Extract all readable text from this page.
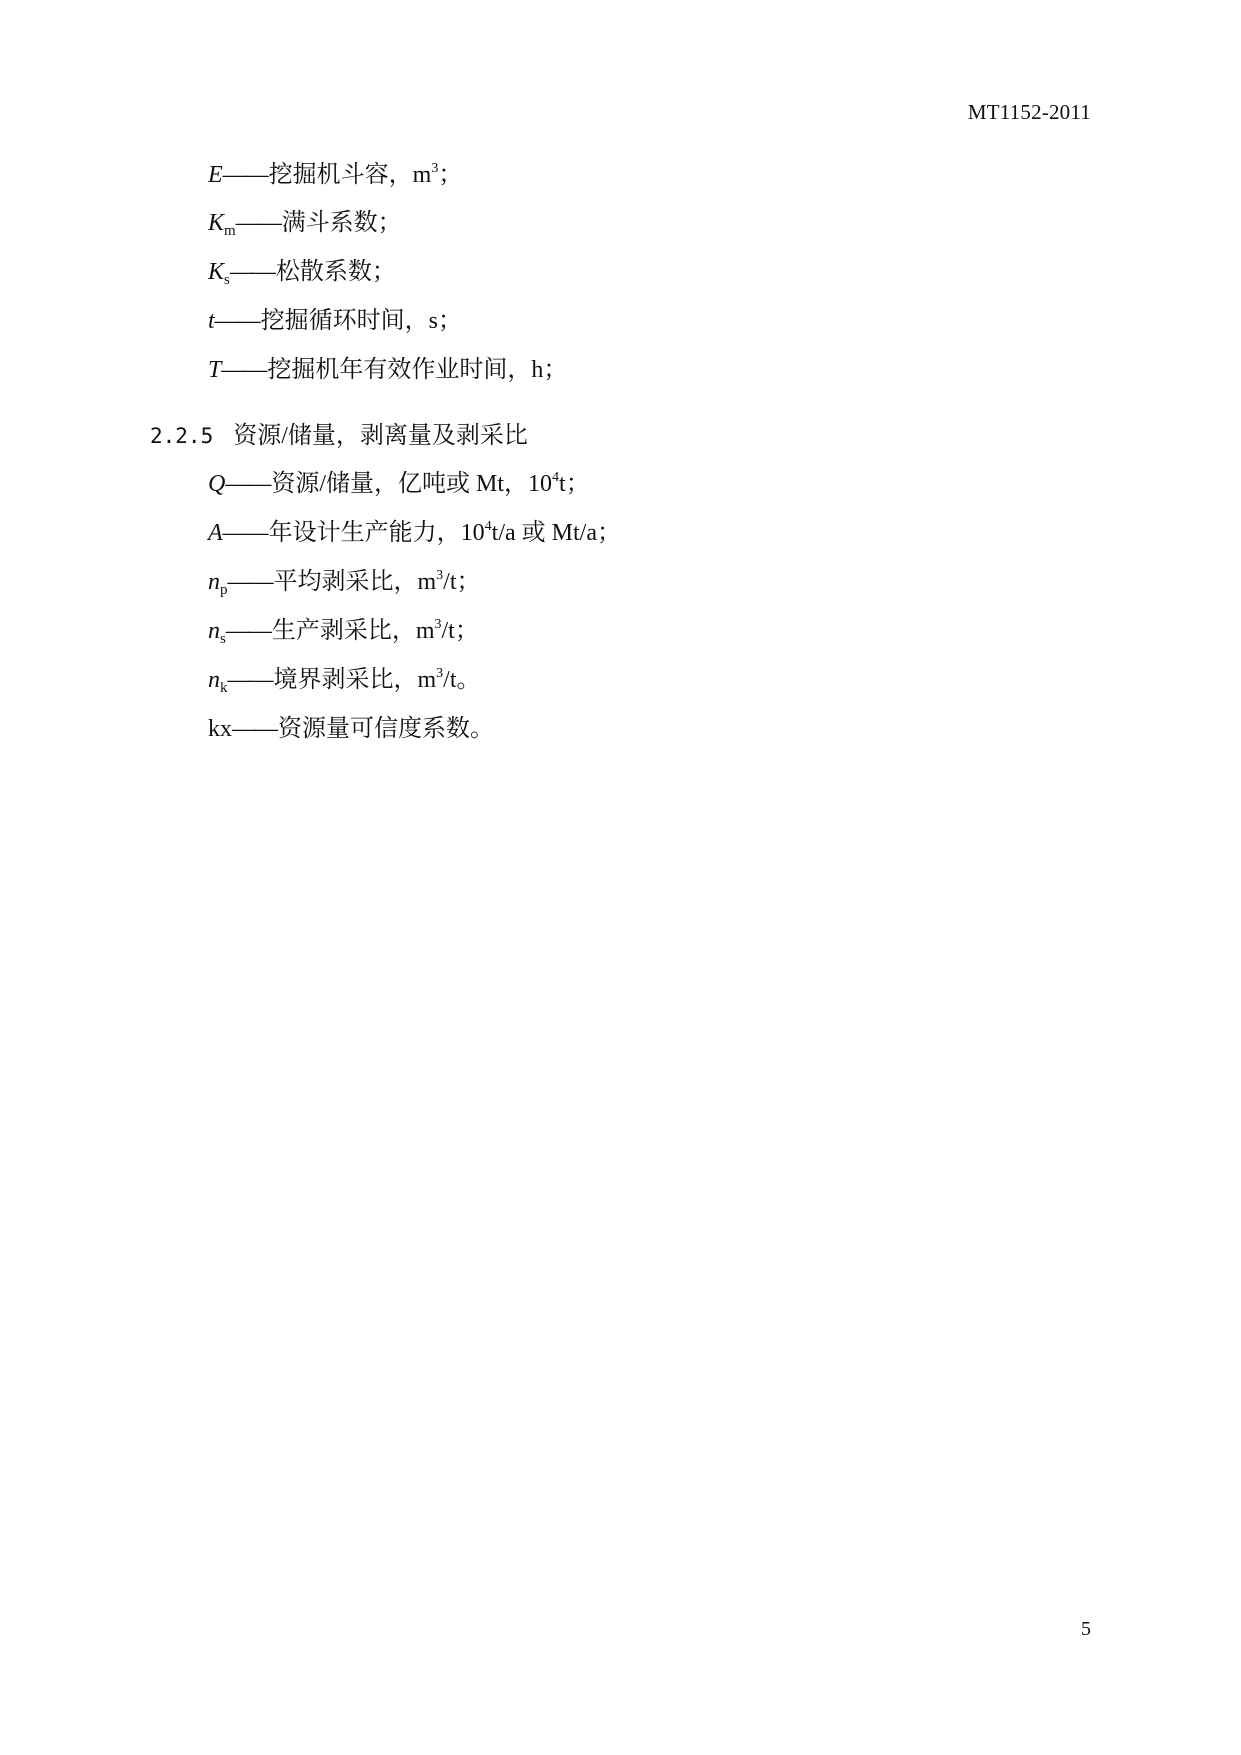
MT1152-2011
E——挖掘机斗容，$m^3$；
$K_m——$满斗系数；
$K_s——$松散系数；
t——挖掘循环时间，s；
T——挖掘机年有效作业时间，h；
2.2.5 资源/储量，剥离量及剥采比
Q——资源/储量，亿吨或 Mt，$10^4t$；
A——年设计生产能力，$10^4t/a$ 或 Mt/a；
$n_p——$平均剥采比，$m^3/t$；
$n_s——$生产剥采比，$m^3/t$；
$n_k——$境界剥采比，$m^3/t$。
kx——资源量可信度系数。
5
